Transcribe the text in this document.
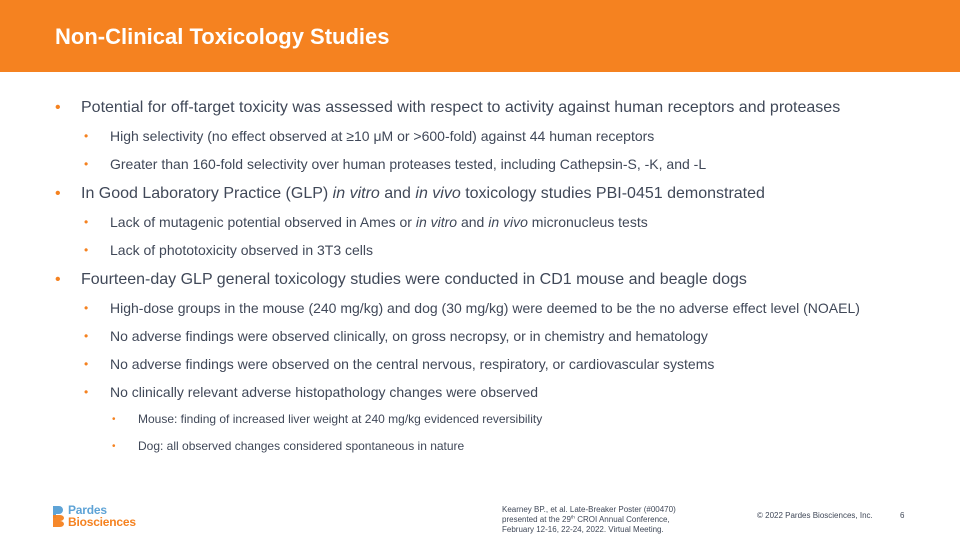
Non-Clinical Toxicology Studies
• Potential for off-target toxicity was assessed with respect to activity against human receptors and proteases
• High selectivity (no effect observed at ≥10 μM or >600-fold) against 44 human receptors
• Greater than 160-fold selectivity over human proteases tested, including Cathepsin-S, -K, and -L
• In Good Laboratory Practice (GLP) in vitro and in vivo toxicology studies PBI-0451 demonstrated
• Lack of mutagenic potential observed in Ames or in vitro and in vivo micronucleus tests
• Lack of phototoxicity observed in 3T3 cells
• Fourteen-day GLP general toxicology studies were conducted in CD1 mouse and beagle dogs
• High-dose groups in the mouse (240 mg/kg) and dog (30 mg/kg) were deemed to be the no adverse effect level (NOAEL)
• No adverse findings were observed clinically, on gross necropsy, or in chemistry and hematology
• No adverse findings were observed on the central nervous, respiratory, or cardiovascular systems
• No clinically relevant adverse histopathology changes were observed
• Mouse: finding of increased liver weight at 240 mg/kg evidenced reversibility
• Dog: all observed changes considered spontaneous in nature
Pardes
Biosciences
Kearney BP., et al. Late-Breaker Poster (#00470)
presented at the 29th CROI Annual Conference,
February 12-16, 22-24, 2022. Virtual Meeting.
© 2022 Pardes Biosciences, Inc.	6
